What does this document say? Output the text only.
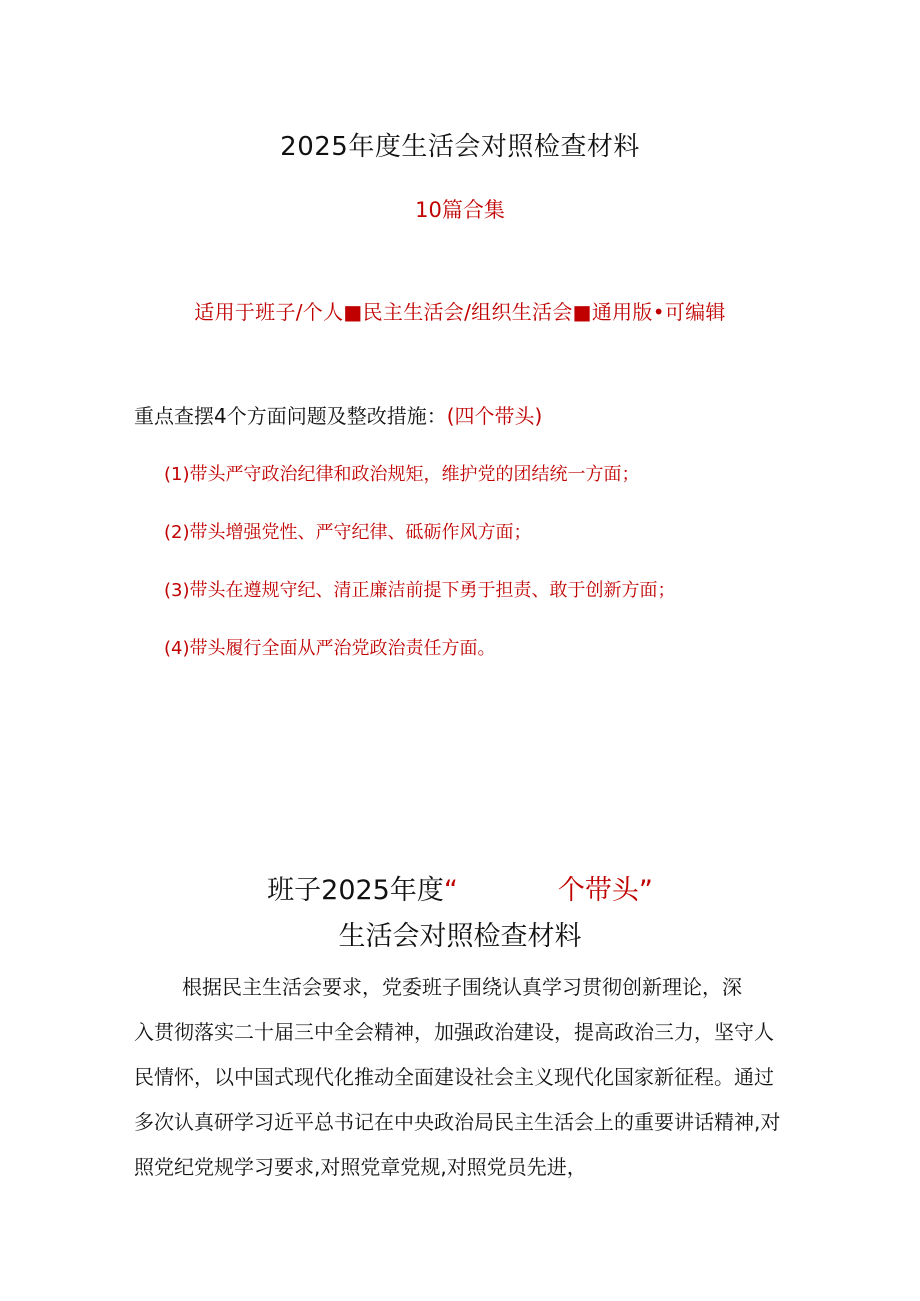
2025年度生活会对照检查材料
10篇合集
适用于班子/个人■民主生活会/组织生活会■通用版•可编辑
重点查摆4个方面问题及整改措施：(四个带头)
(1)带头严守政治纪律和政治规矩，维护党的团结统一方面；
(2)带头增强党性、严守纪律、砥砺作风方面；
(3)带头在遵规守纪、清正廉洁前提下勇于担责、敢于创新方面；
(4)带头履行全面从严治党政治责任方面。
班子2025年度“	个带头”
生活会对照检查材料
根据民主生活会要求，党委班子围绕认真学习贯彻创新理论，深
入贯彻落实二十届三中全会精神，加强政治建设，提高政治三力，坚守人
民情怀，以中国式现代化推动全面建设社会主义现代化国家新征程。通过
多次认真研学习近平总书记在中央政治局民主生活会上的重要讲话精神,对
照党纪党规学习要求,对照党章党规,对照党员先进，
